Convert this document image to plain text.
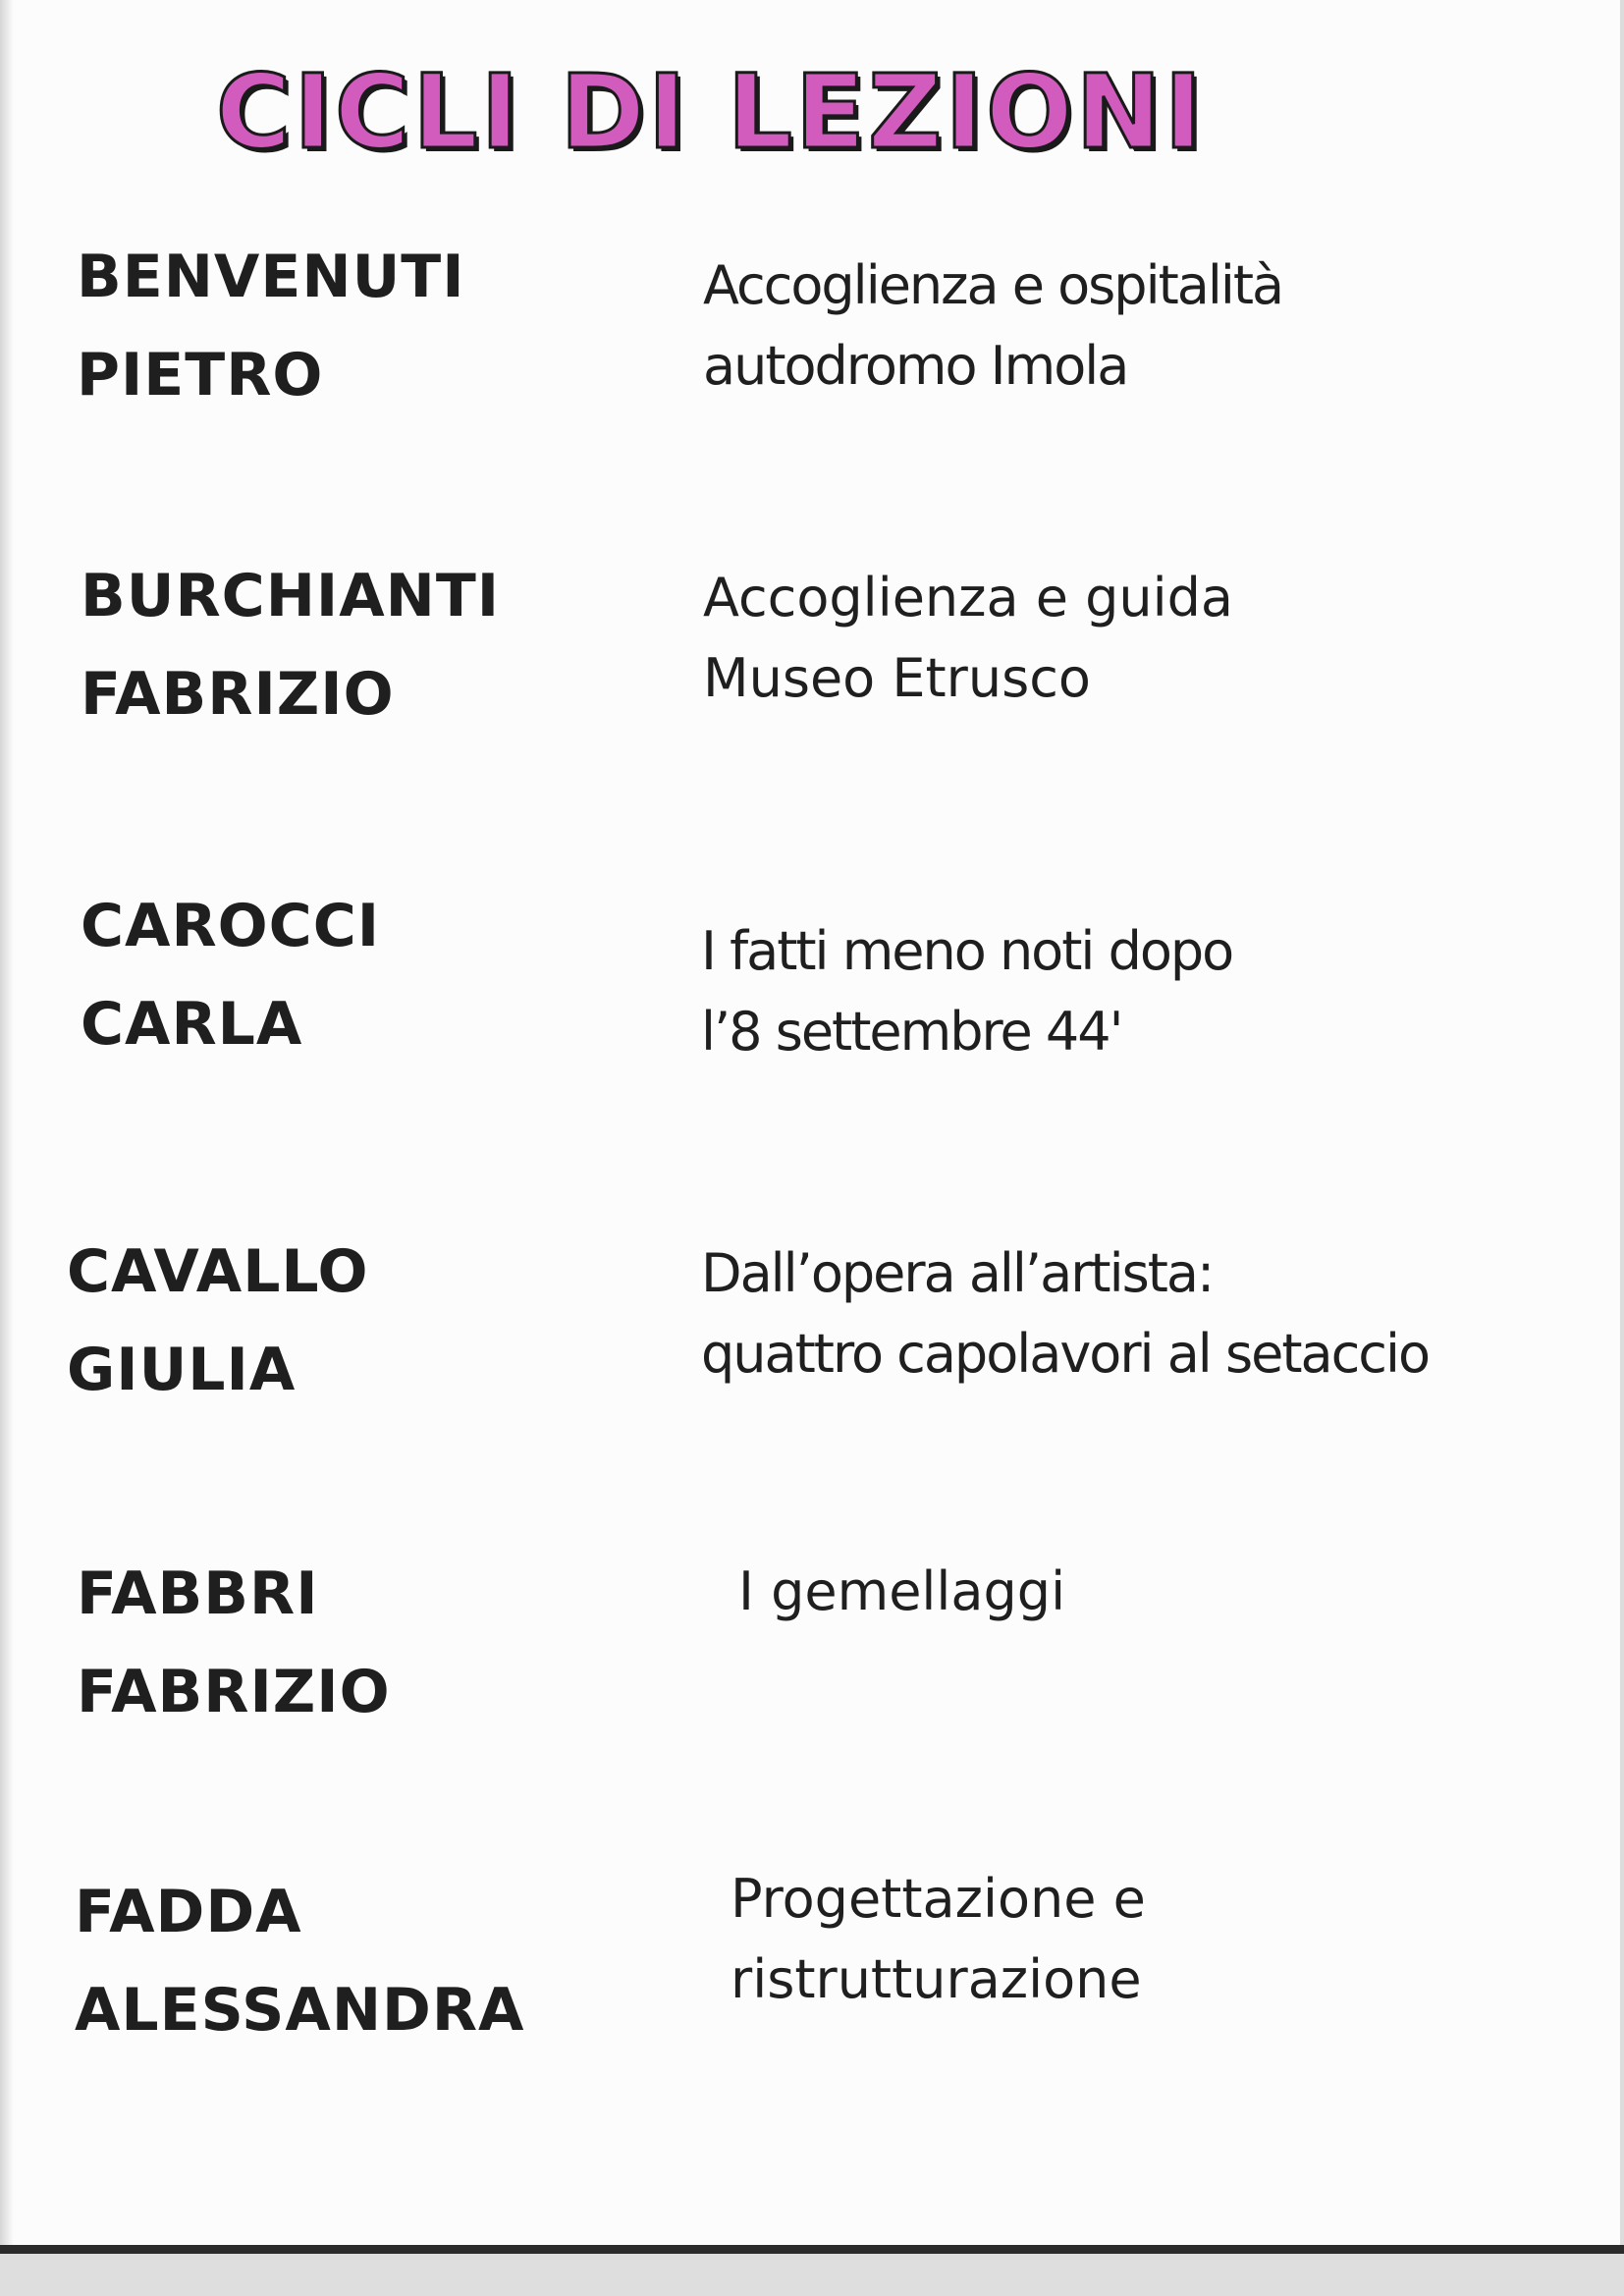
CICLI DI LEZIONI
BENVENUTI
PIETRO
Accoglienza e ospitalità
autodromo Imola
BURCHIANTI
FABRIZIO
Accoglienza e guida
Museo Etrusco
CAROCCI
CARLA
I fatti meno noti dopo
l’8 settembre 44'
CAVALLO
GIULIA
Dall’opera all’artista:
quattro capolavori al setaccio
FABBRI
FABRIZIO
I gemellaggi
FADDA
ALESSANDRA
Progettazione e
ristrutturazione
